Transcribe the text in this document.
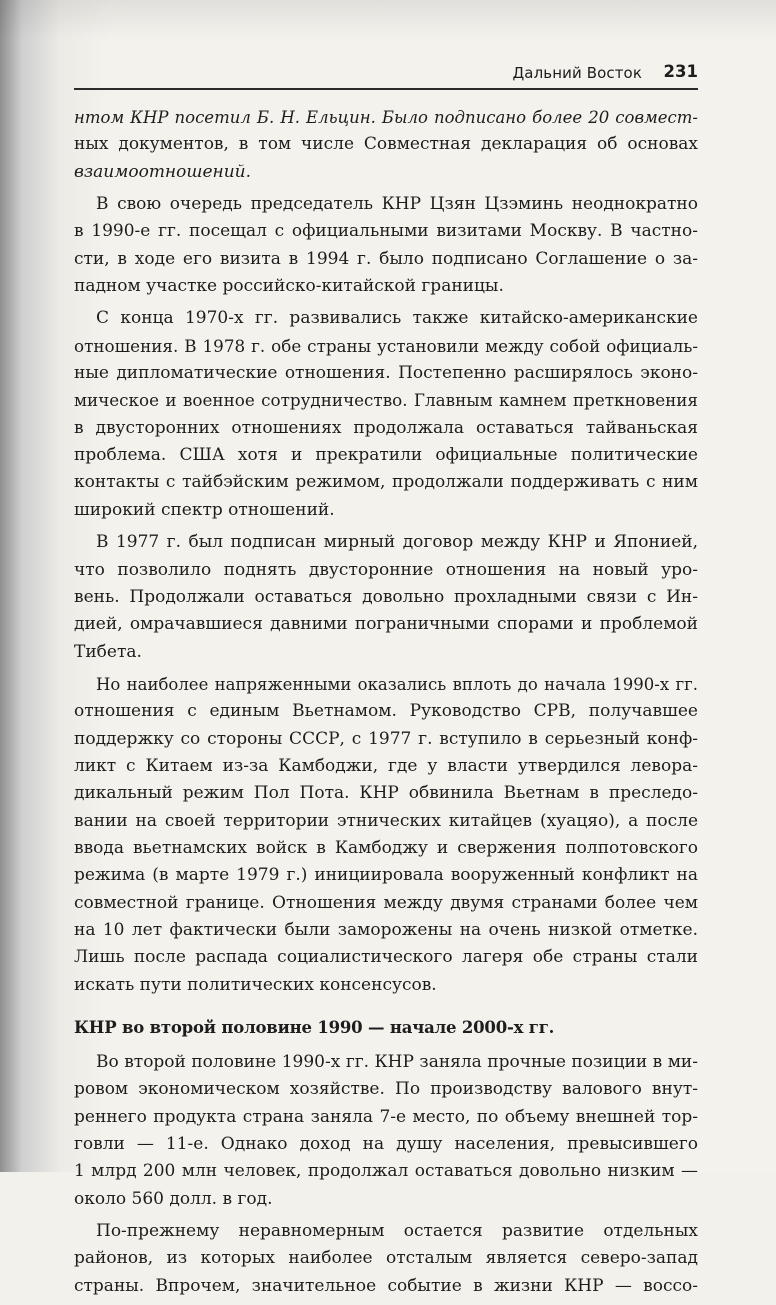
Дальний Восток 231
нтом КНР посетил Б. Н. Ельцин. Было подписано более 20 совмест-
ных документов, в том числе Совместная декларация об основах
взаимоотношений.
В свою очередь председатель КНР Цзян Цзэминь неоднократно
в 1990-е гг. посещал с официальными визитами Москву. В частно-
сти, в ходе его визита в 1994 г. было подписано Соглашение о за-
падном участке российско-китайской границы.
С конца 1970-х гг. развивались также китайско-американские
отношения. В 1978 г. обе страны установили между собой официаль-
ные дипломатические отношения. Постепенно расширялось эконо-
мическое и военное сотрудничество. Главным камнем преткновения
в двусторонних отношениях продолжала оставаться тайваньская
проблема. США хотя и прекратили официальные политические
контакты с тайбэйским режимом, продолжали поддерживать с ним
широкий спектр отношений.
В 1977 г. был подписан мирный договор между КНР и Японией,
что позволило поднять двусторонние отношения на новый уро-
вень. Продолжали оставаться довольно прохладными связи с Ин-
дией, омрачавшиеся давними пограничными спорами и проблемой
Тибета.
Но наиболее напряженными оказались вплоть до начала 1990-х гг.
отношения с единым Вьетнамом. Руководство СРВ, получавшее
поддержку со стороны СССР, с 1977 г. вступило в серьезный конф-
ликт с Китаем из-за Камбоджи, где у власти утвердился левора-
дикальный режим Пол Пота. КНР обвинила Вьетнам в преследо-
вании на своей территории этнических китайцев (хуацяо), а после
ввода вьетнамских войск в Камбоджу и свержения полпотовского
режима (в марте 1979 г.) инициировала вооруженный конфликт на
совместной границе. Отношения между двумя странами более чем
на 10 лет фактически были заморожены на очень низкой отметке.
Лишь после распада социалистического лагеря обе страны стали
искать пути политических консенсусов.
КНР во второй половине 1990 — начале 2000-х гг.
Во второй половине 1990-х гг. КНР заняла прочные позиции в ми-
ровом экономическом хозяйстве. По производству валового внут-
реннего продукта страна заняла 7-е место, по объему внешней тор-
говли — 11-е. Однако доход на душу населения, превысившего
1 млрд 200 млн человек, продолжал оставаться довольно низким —
около 560 долл. в год.
По-прежнему неравномерным остается развитие отдельных
районов, из которых наиболее отсталым является северо-запад
страны. Впрочем, значительное событие в жизни КНР — воссо-
